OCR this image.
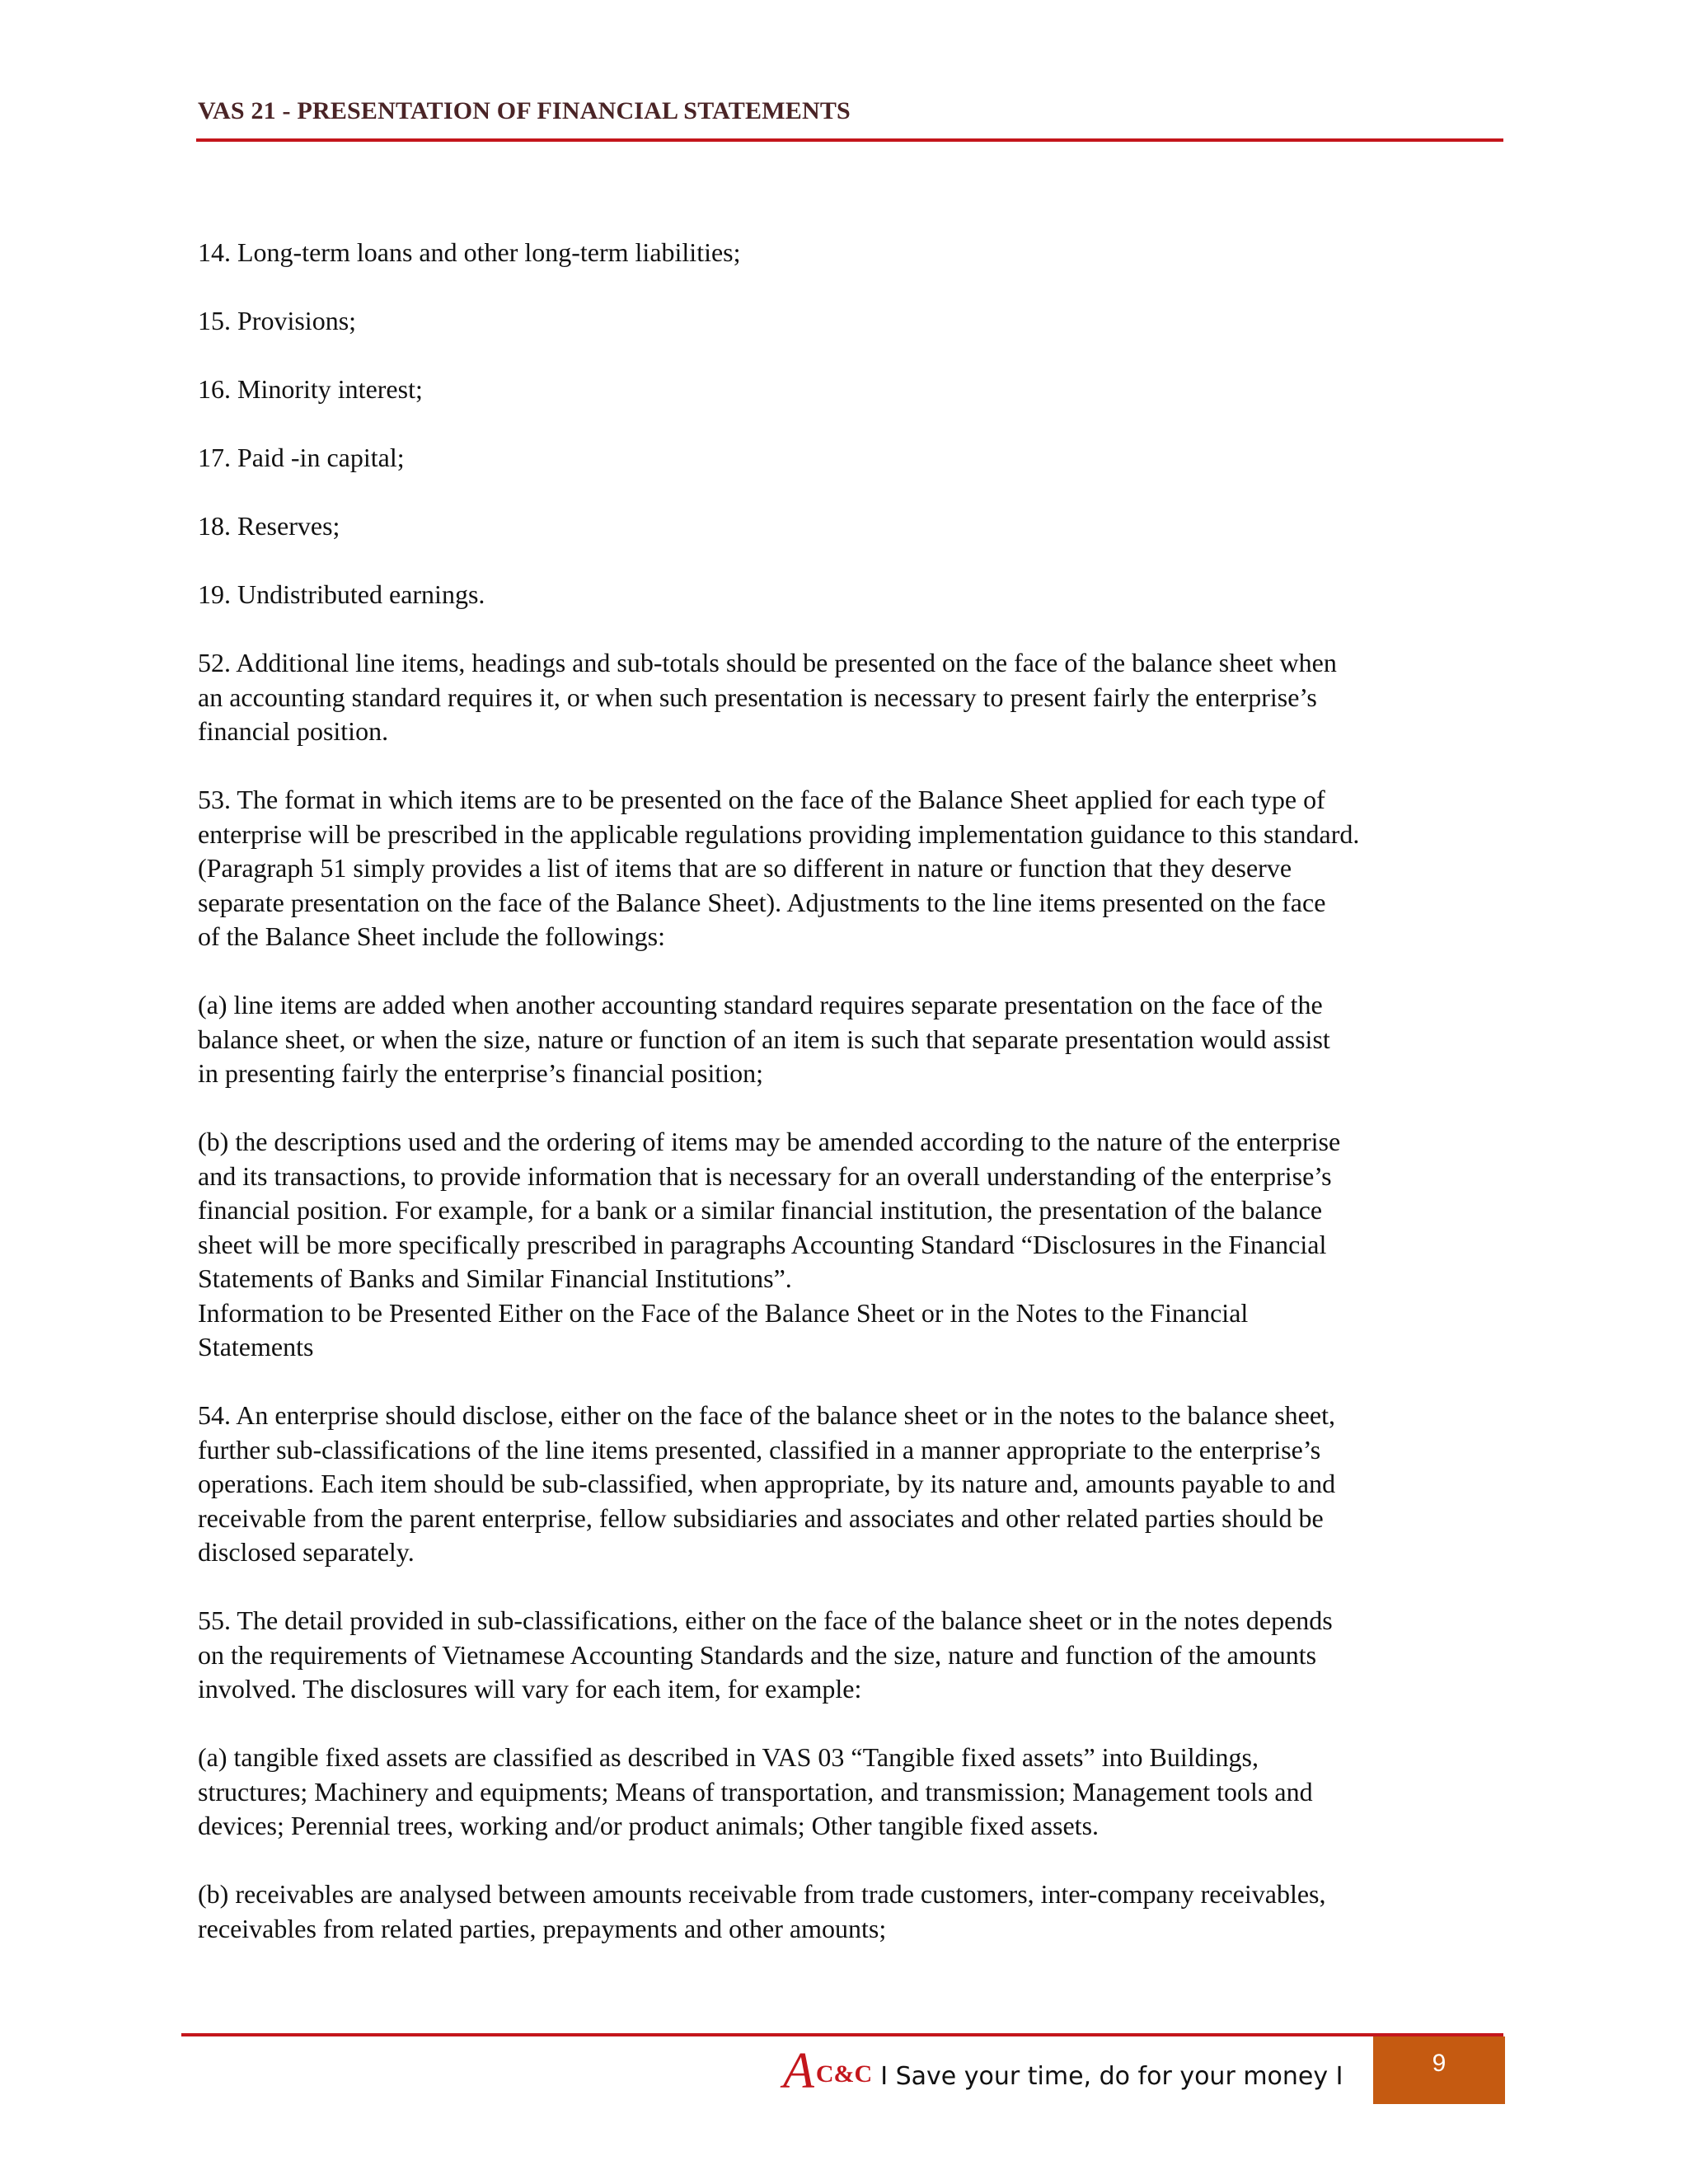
VAS 21 - PRESENTATION OF FINANCIAL STATEMENTS
14. Long-term loans and other long-term liabilities;
15. Provisions;
16. Minority interest;
17. Paid -in capital;
18. Reserves;
19. Undistributed earnings.
52. Additional line items, headings and sub-totals should be presented on the face of the balance sheet when
an accounting standard requires it, or when such presentation is necessary to present fairly the enterprise’s
financial position.
53. The format in which items are to be presented on the face of the Balance Sheet applied for each type of
enterprise will be prescribed in the applicable regulations providing implementation guidance to this standard.
(Paragraph 51 simply provides a list of items that are so different in nature or function that they deserve
separate presentation on the face of the Balance Sheet). Adjustments to the line items presented on the face
of the Balance Sheet include the followings:
(a) line items are added when another accounting standard requires separate presentation on the face of the
balance sheet, or when the size, nature or function of an item is such that separate presentation would assist
in presenting fairly the enterprise’s financial position;
(b) the descriptions used and the ordering of items may be amended according to the nature of the enterprise
and its transactions, to provide information that is necessary for an overall understanding of the enterprise’s
financial position. For example, for a bank or a similar financial institution, the presentation of the balance
sheet will be more specifically prescribed in paragraphs Accounting Standard “Disclosures in the Financial
Statements of Banks and Similar Financial Institutions”.
Information to be Presented Either on the Face of the Balance Sheet or in the Notes to the Financial
Statements
54. An enterprise should disclose, either on the face of the balance sheet or in the notes to the balance sheet,
further sub-classifications of the line items presented, classified in a manner appropriate to the enterprise’s
operations. Each item should be sub-classified, when appropriate, by its nature and, amounts payable to and
receivable from the parent enterprise, fellow subsidiaries and associates and other related parties should be
disclosed separately.
55. The detail provided in sub-classifications, either on the face of the balance sheet or in the notes depends
on the requirements of Vietnamese Accounting Standards and the size, nature and function of the amounts
involved. The disclosures will vary for each item, for example:
(a) tangible fixed assets are classified as described in VAS 03 “Tangible fixed assets” into Buildings,
structures; Machinery and equipments; Means of transportation, and transmission; Management tools and
devices; Perennial trees, working and/or product animals; Other tangible fixed assets.
(b) receivables are analysed between amounts receivable from trade customers, inter-company receivables,
receivables from related parties, prepayments and other amounts;
A C&C I Save your time, do for your money I	9
